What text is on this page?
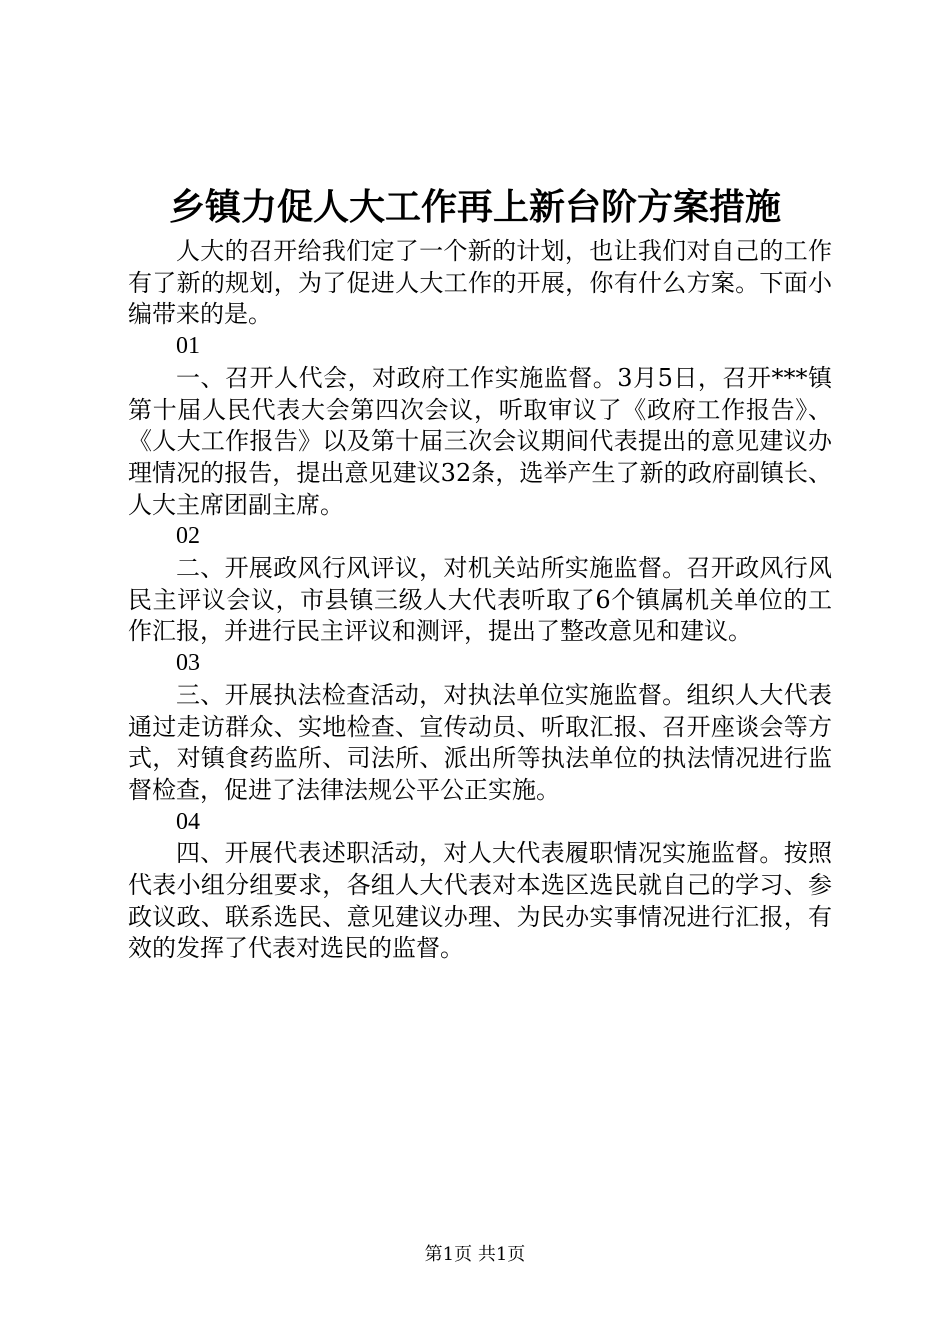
乡镇力促人大工作再上新台阶方案措施

人大的召开给我们定了一个新的计划，也让我们对自己的工作有了新的规划，为了促进人大工作的开展，你有什么方案。下面小编带来的是。

01

一、召开人代会，对政府工作实施监督。3月5日，召开***镇第十届人民代表大会第四次会议，听取审议了《政府工作报告》、《人大工作报告》以及第十届三次会议期间代表提出的意见建议办理情况的报告，提出意见建议32条，选举产生了新的政府副镇长、人大主席团副主席。

02

二、开展政风行风评议，对机关站所实施监督。召开政风行风民主评议会议，市县镇三级人大代表听取了6个镇属机关单位的工作汇报，并进行民主评议和测评，提出了整改意见和建议。

03

三、开展执法检查活动，对执法单位实施监督。组织人大代表通过走访群众、实地检查、宣传动员、听取汇报、召开座谈会等方式，对镇食药监所、司法所、派出所等执法单位的执法情况进行监督检查，促进了法律法规公平公正实施。

04

四、开展代表述职活动，对人大代表履职情况实施监督。按照代表小组分组要求，各组人大代表对本选区选民就自己的学习、参政议政、联系选民、意见建议办理、为民办实事情况进行汇报，有效的发挥了代表对选民的监督。

第1页 共1页
